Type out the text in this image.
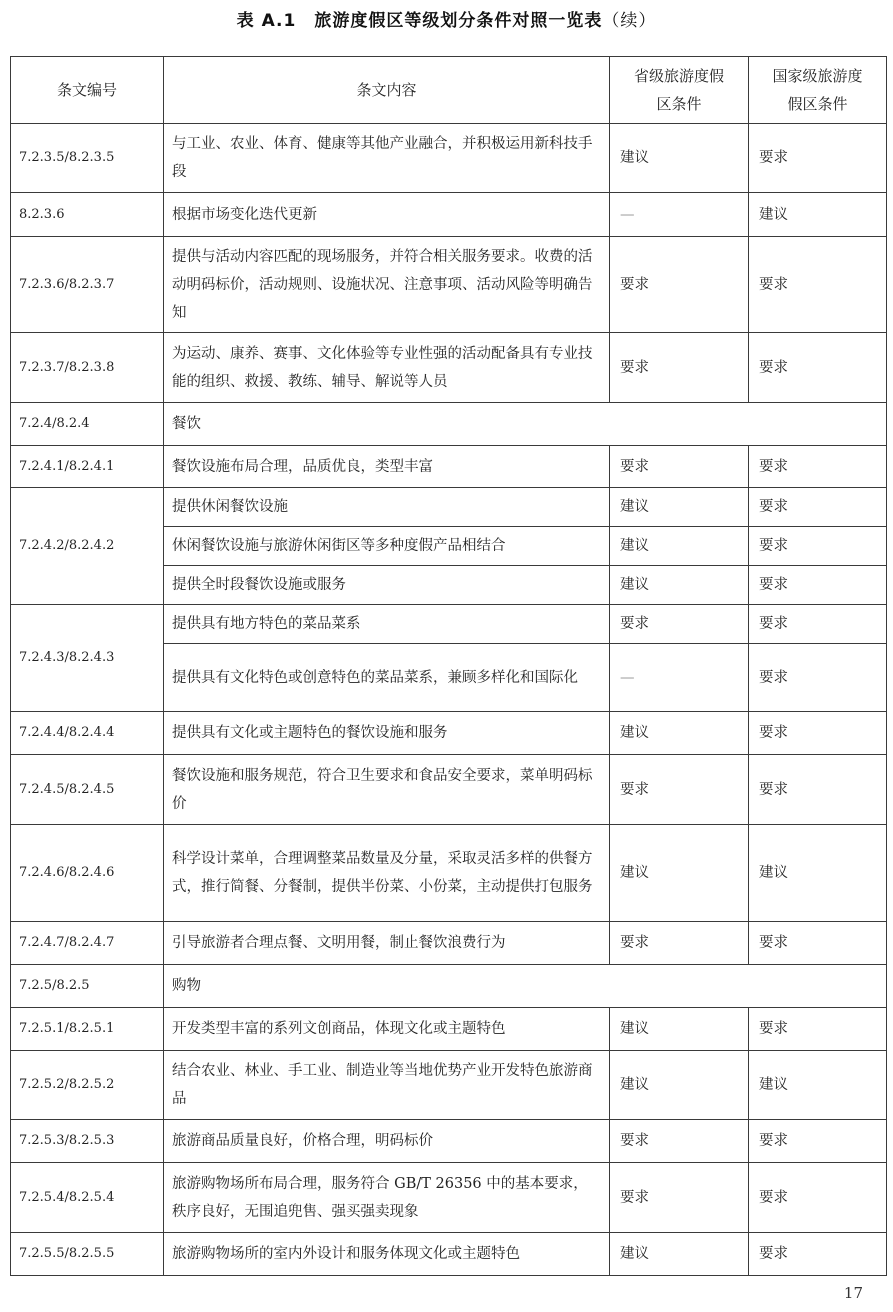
表 A.1　旅游度假区等级划分条件对照一览表（续）
条文编号	条文内容	省级旅游度假区条件	国家级旅游度假区条件

7.2.3.5/8.2.3.5	与工业、农业、体育、健康等其他产业融合，并积极运用新科技手段	建议	要求
8.2.3.6	根据市场变化迭代更新	—	建议
7.2.3.6/8.2.3.7	提供与活动内容匹配的现场服务，并符合相关服务要求。收费的活动明码标价，活动规则、设施状况、注意事项、活动风险等明确告知	要求	要求
7.2.3.7/8.2.3.8	为运动、康养、赛事、文化体验等专业性强的活动配备具有专业技能的组织、救援、教练、辅导、解说等人员	要求	要求
7.2.4/8.2.4	餐饮		
7.2.4.1/8.2.4.1	餐饮设施布局合理，品质优良，类型丰富	要求	要求
7.2.4.2/8.2.4.2	提供休闲餐饮设施	建议	要求
	休闲餐饮设施与旅游休闲街区等多种度假产品相结合	建议	要求
	提供全时段餐饮设施或服务	建议	要求
7.2.4.3/8.2.4.3	提供具有地方特色的菜品菜系	要求	要求
	提供具有文化特色或创意特色的菜品菜系，兼顾多样化和国际化	—	要求
7.2.4.4/8.2.4.4	提供具有文化或主题特色的餐饮设施和服务	建议	要求
7.2.4.5/8.2.4.5	餐饮设施和服务规范，符合卫生要求和食品安全要求，菜单明码标价	要求	要求
7.2.4.6/8.2.4.6	科学设计菜单，合理调整菜品数量及分量，采取灵活多样的供餐方式，推行简餐、分餐制，提供半份菜、小份菜，主动提供打包服务	建议	建议
7.2.4.7/8.2.4.7	引导旅游者合理点餐、文明用餐，制止餐饮浪费行为	要求	要求
7.2.5/8.2.5	购物		
7.2.5.1/8.2.5.1	开发类型丰富的系列文创商品，体现文化或主题特色	建议	要求
7.2.5.2/8.2.5.2	结合农业、林业、手工业、制造业等当地优势产业开发特色旅游商品	建议	建议
7.2.5.3/8.2.5.3	旅游商品质量良好，价格合理，明码标价	要求	要求
7.2.5.4/8.2.5.4	旅游购物场所布局合理，服务符合 GB/T 26356 中的基本要求，秩序良好，无围追兜售、强买强卖现象	要求	要求
7.2.5.5/8.2.5.5	旅游购物场所的室内外设计和服务体现文化或主题特色	建议	要求
17
